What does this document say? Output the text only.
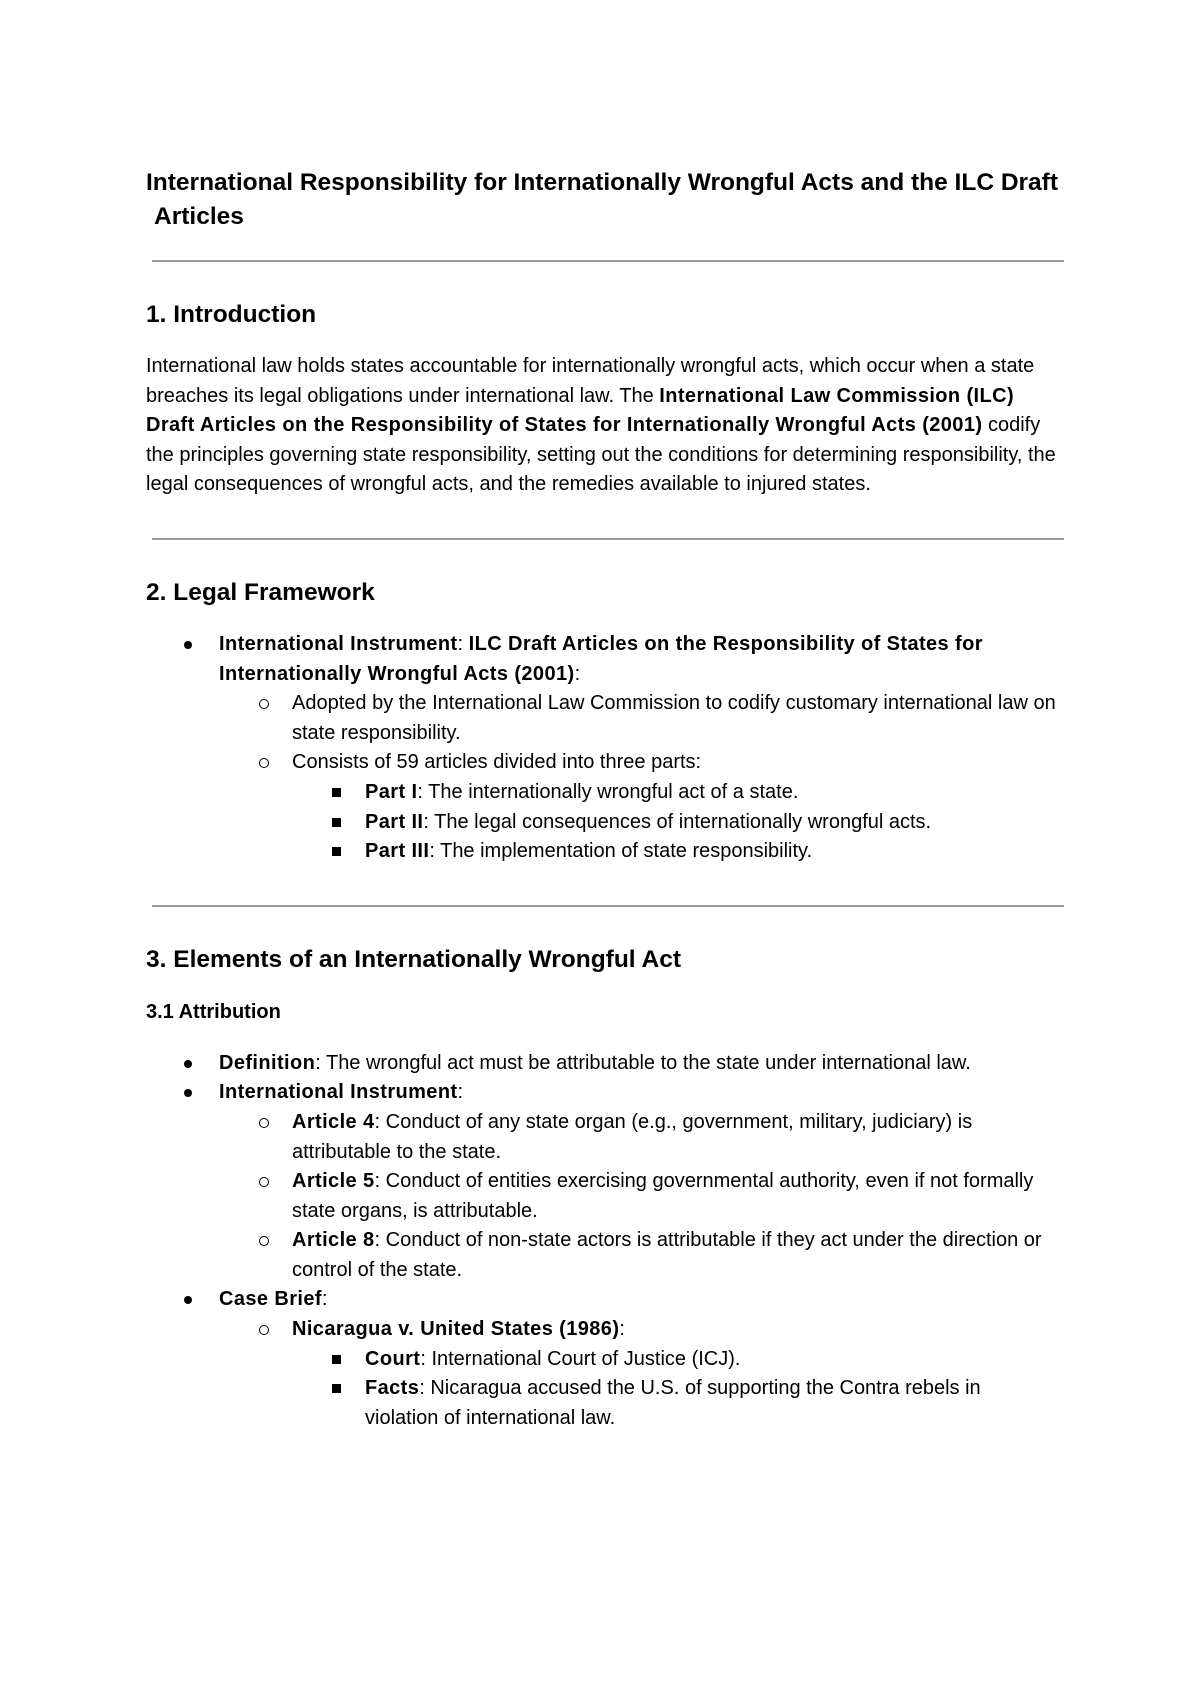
International Responsibility for Internationally Wrongful Acts and the ILC Draft Articles
1. Introduction

International law holds states accountable for internationally wrongful acts, which occur when a state breaches its legal obligations under international law. The International Law Commission (ILC) Draft Articles on the Responsibility of States for Internationally Wrongful Acts (2001) codify the principles governing state responsibility, setting out the conditions for determining responsibility, the legal consequences of wrongful acts, and the remedies available to injured states.

2. Legal Framework
International Instrument: ILC Draft Articles on the Responsibility of States for Internationally Wrongful Acts (2001):
Adopted by the International Law Commission to codify customary international law on state responsibility.
Consists of 59 articles divided into three parts:
Part I: The internationally wrongful act of a state.
Part II: The legal consequences of internationally wrongful acts.
Part III: The implementation of state responsibility.
3. Elements of an Internationally Wrongful Act
3.1 Attribution
Definition: The wrongful act must be attributable to the state under international law.
International Instrument:
Article 4: Conduct of any state organ (e.g., government, military, judiciary) is attributable to the state.
Article 5: Conduct of entities exercising governmental authority, even if not formally state organs, is attributable.
Article 8: Conduct of non-state actors is attributable if they act under the direction or control of the state.
Case Brief:
Nicaragua v. United States (1986):
Court: International Court of Justice (ICJ).
Facts: Nicaragua accused the U.S. of supporting the Contra rebels in violation of international law.
